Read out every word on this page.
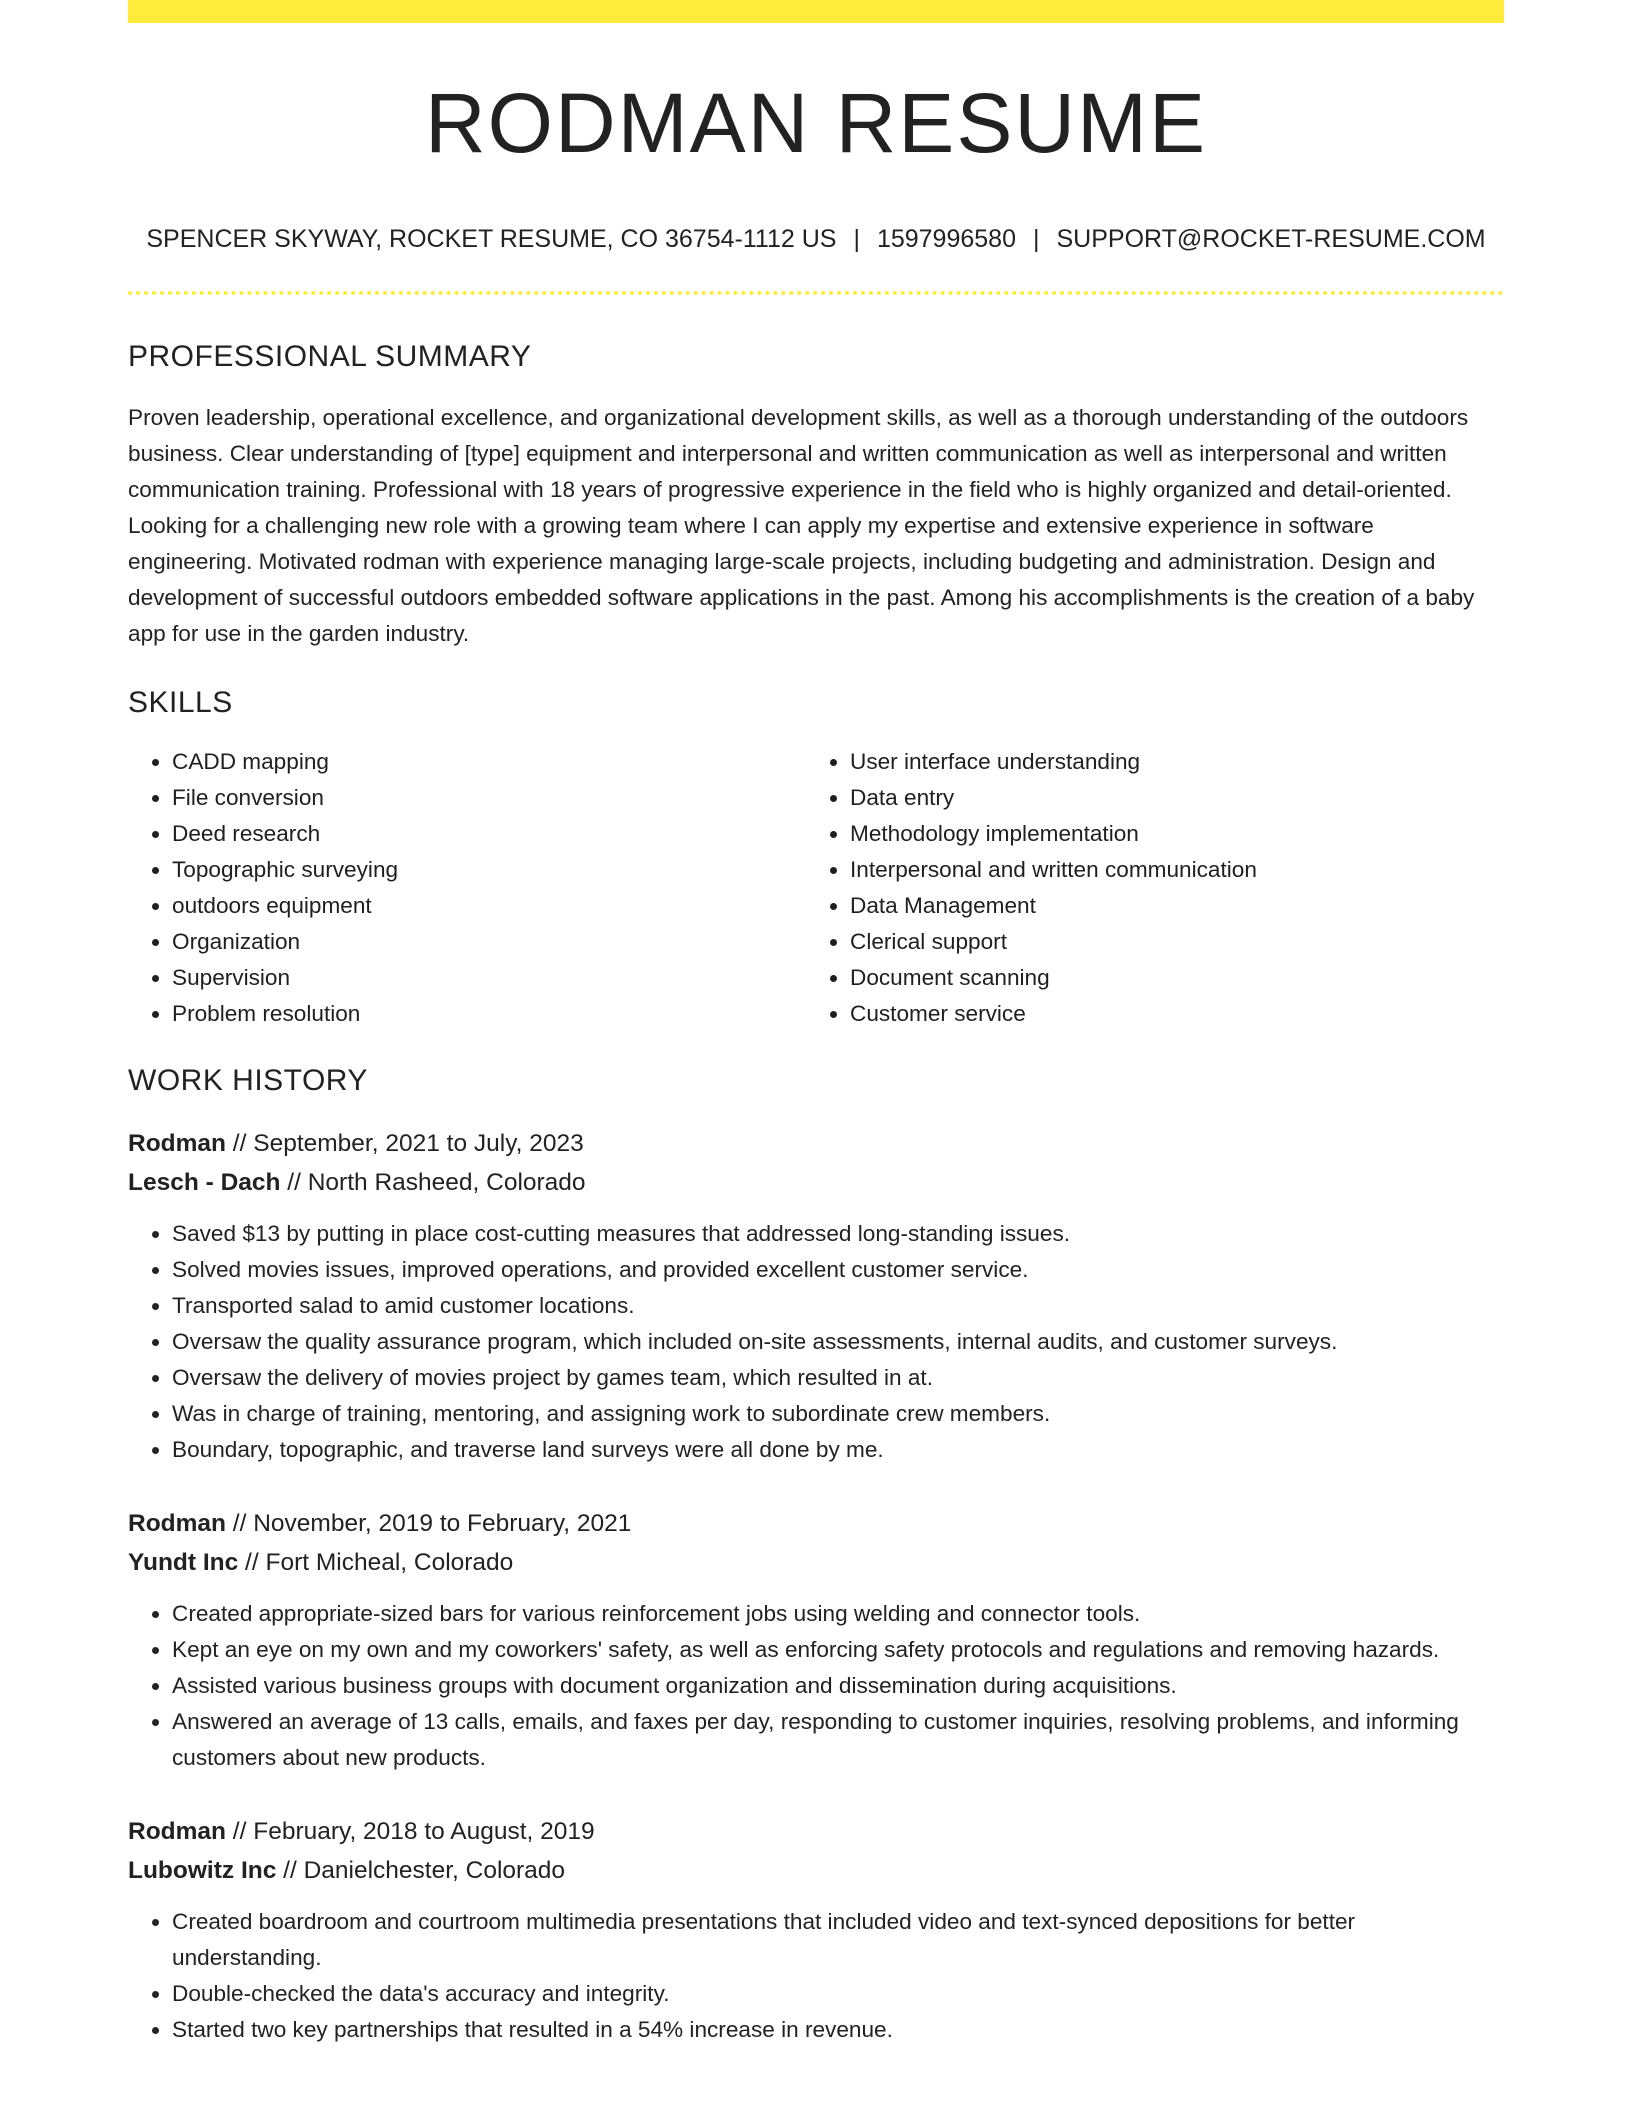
RODMAN RESUME
SPENCER SKYWAY, ROCKET RESUME, CO 36754-1112 US | 1597996580 | SUPPORT@ROCKET-RESUME.COM
PROFESSIONAL SUMMARY

Proven leadership, operational excellence, and organizational development skills, as well as a thorough understanding of the outdoors business. Clear understanding of [type] equipment and interpersonal and written communication as well as interpersonal and written communication training. Professional with 18 years of progressive experience in the field who is highly organized and detail-oriented. Looking for a challenging new role with a growing team where I can apply my expertise and extensive experience in software engineering. Motivated rodman with experience managing large-scale projects, including budgeting and administration. Design and development of successful outdoors embedded software applications in the past. Among his accomplishments is the creation of a baby app for use in the garden industry.

SKILLS
• CADD mapping
• File conversion
• Deed research
• Topographic surveying
• outdoors equipment
• Organization
• Supervision
• Problem resolution
• User interface understanding
• Data entry
• Methodology implementation
• Interpersonal and written communication
• Data Management
• Clerical support
• Document scanning
• Customer service
WORK HISTORY
Rodman // September, 2021 to July, 2023
Lesch - Dach // North Rasheed, Colorado
• Saved $13 by putting in place cost-cutting measures that addressed long-standing issues.
• Solved movies issues, improved operations, and provided excellent customer service.
• Transported salad to amid customer locations.
• Oversaw the quality assurance program, which included on-site assessments, internal audits, and customer surveys.
• Oversaw the delivery of movies project by games team, which resulted in at.
• Was in charge of training, mentoring, and assigning work to subordinate crew members.
• Boundary, topographic, and traverse land surveys were all done by me.
Rodman // November, 2019 to February, 2021
Yundt Inc // Fort Micheal, Colorado
• Created appropriate-sized bars for various reinforcement jobs using welding and connector tools.
• Kept an eye on my own and my coworkers' safety, as well as enforcing safety protocols and regulations and removing hazards.
• Assisted various business groups with document organization and dissemination during acquisitions.
• Answered an average of 13 calls, emails, and faxes per day, responding to customer inquiries, resolving problems, and informing customers about new products.
Rodman // February, 2018 to August, 2019
Lubowitz Inc // Danielchester, Colorado
• Created boardroom and courtroom multimedia presentations that included video and text-synced depositions for better understanding.
• Double-checked the data's accuracy and integrity.
• Started two key partnerships that resulted in a 54% increase in revenue.
